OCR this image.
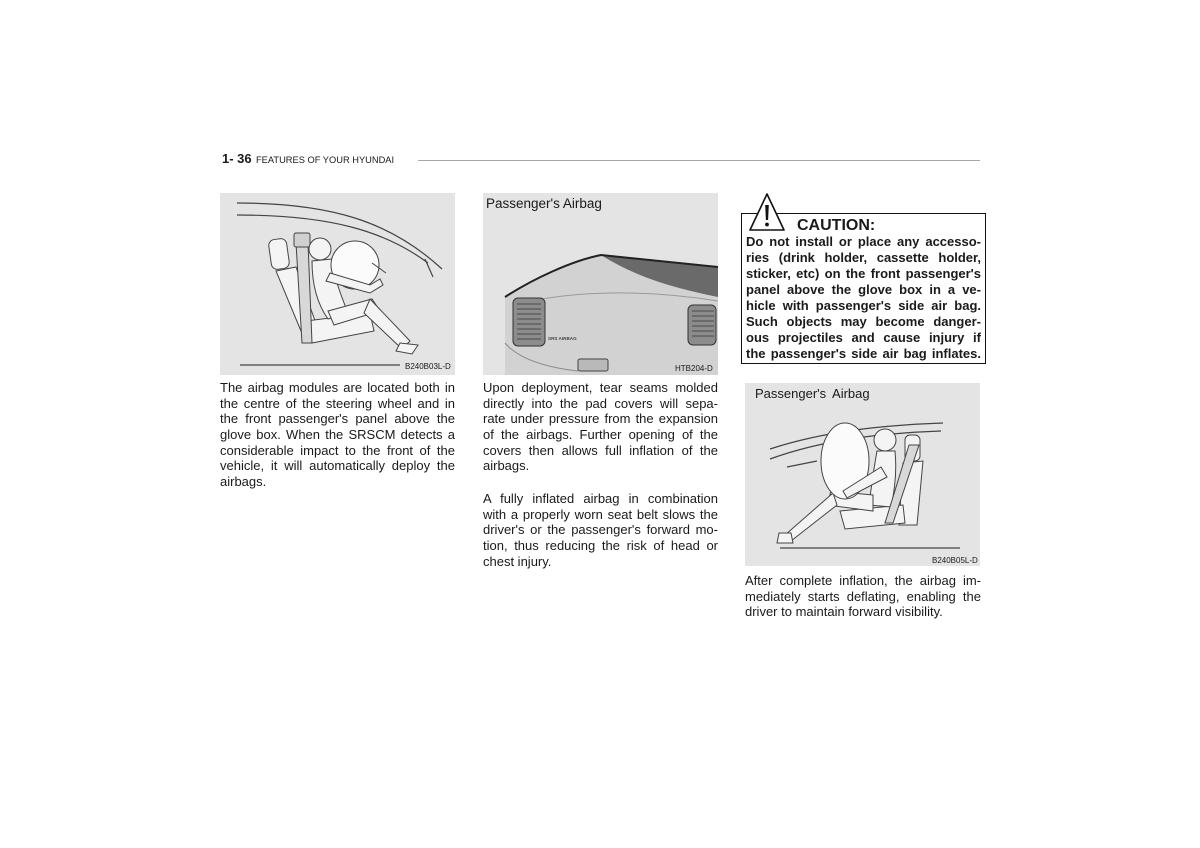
1- 36 FEATURES OF YOUR HYUNDAI
B240B03L-D
The airbag modules are located both in
the centre of the steering wheel and in
the front passenger's panel above the
glove box. When the SRSCM detects a
considerable impact to the front of the
vehicle, it will automatically deploy the
airbags.
SRS AIRBAG
Passenger's Airbag
HTB204-D
Upon deployment, tear seams molded
directly into the pad covers will sepa-
rate under pressure from the expansion
of the airbags. Further opening of the
covers then allows full inflation of the
airbags.
A fully inflated airbag in combination
with a properly worn seat belt slows the
driver's or the passenger's forward mo-
tion, thus reducing the risk of head or
chest injury.
CAUTION:
Do not install or place any accesso-
ries (drink holder, cassette holder,
sticker, etc) on the front passenger's
panel above the glove box in a ve-
hicle with passenger's side air bag.
Such objects may become danger-
ous projectiles and cause injury if
the passenger's side air bag inflates.
Passenger's Airbag
B240B05L-D
After complete inflation, the airbag im-
mediately starts deflating, enabling the
driver to maintain forward visibility.
